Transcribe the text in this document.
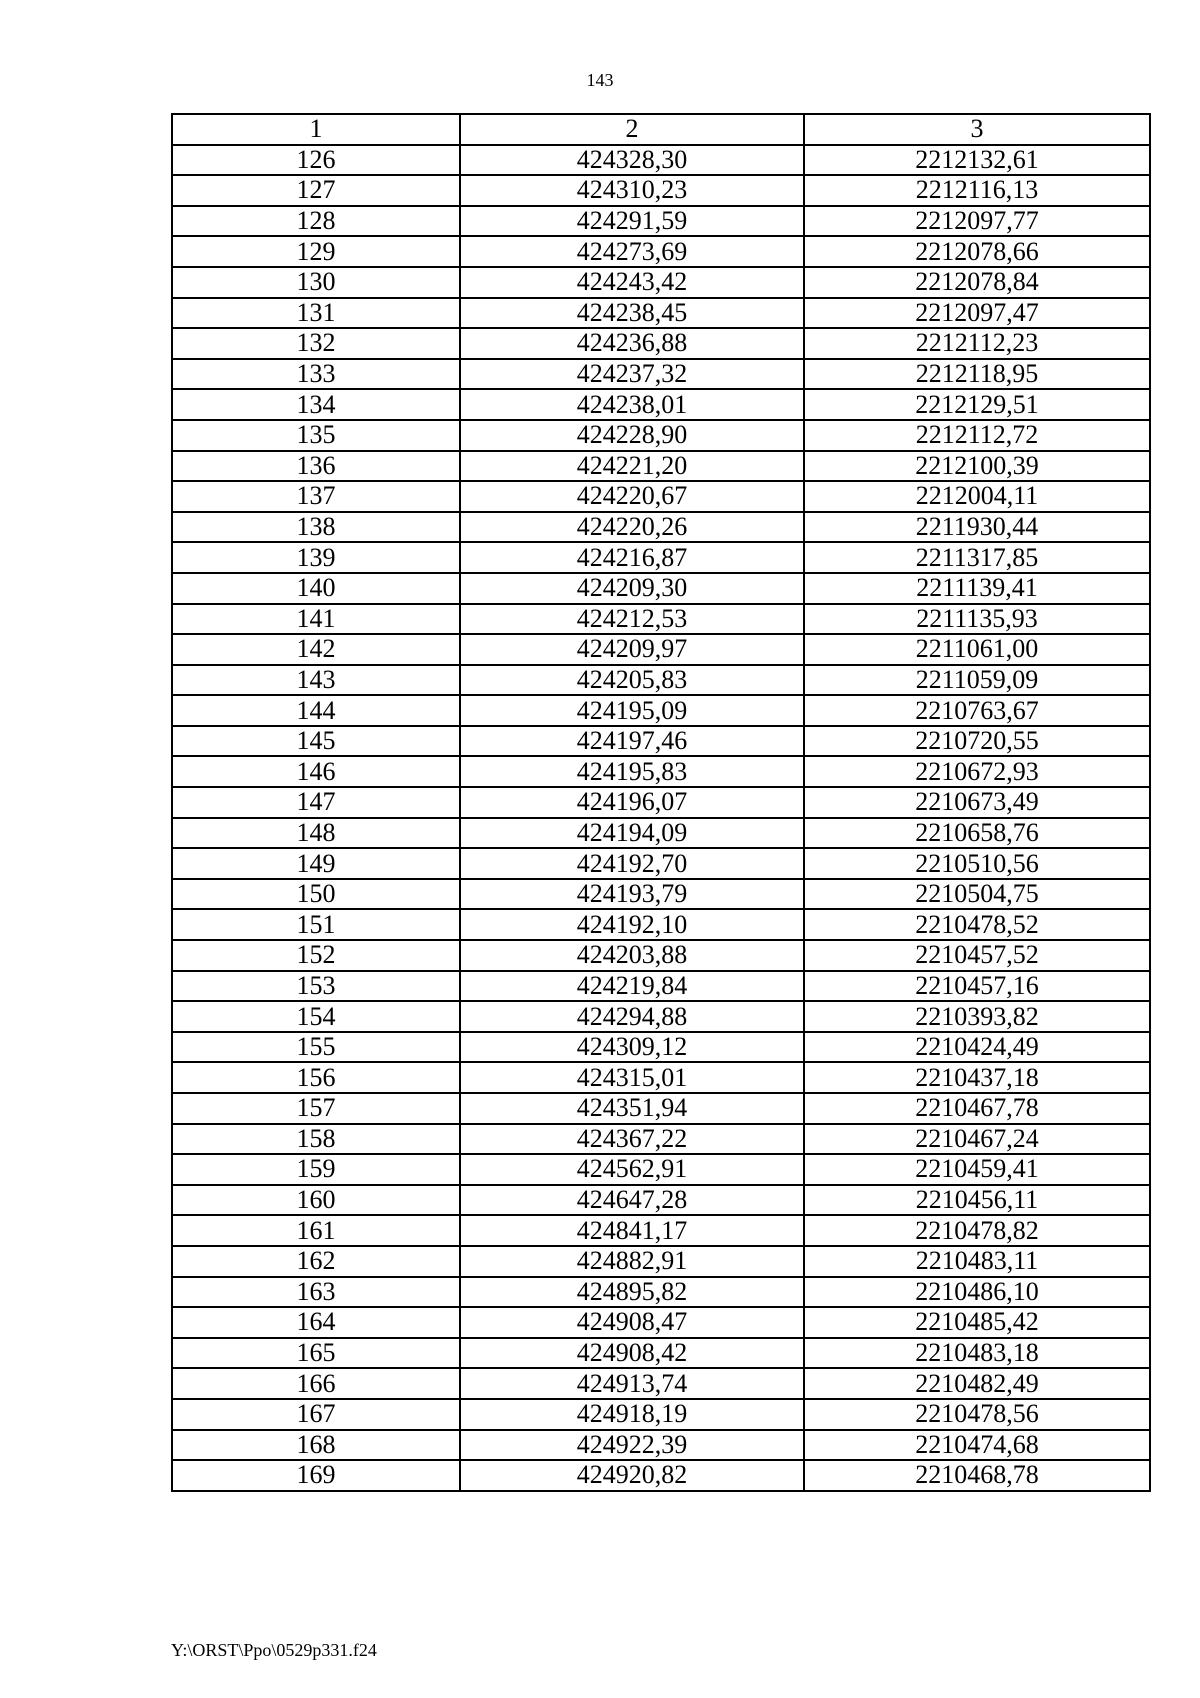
143
1	2	3
126	424328,30	2212132,61
127	424310,23	2212116,13
128	424291,59	2212097,77
129	424273,69	2212078,66
130	424243,42	2212078,84
131	424238,45	2212097,47
132	424236,88	2212112,23
133	424237,32	2212118,95
134	424238,01	2212129,51
135	424228,90	2212112,72
136	424221,20	2212100,39
137	424220,67	2212004,11
138	424220,26	2211930,44
139	424216,87	2211317,85
140	424209,30	2211139,41
141	424212,53	2211135,93
142	424209,97	2211061,00
143	424205,83	2211059,09
144	424195,09	2210763,67
145	424197,46	2210720,55
146	424195,83	2210672,93
147	424196,07	2210673,49
148	424194,09	2210658,76
149	424192,70	2210510,56
150	424193,79	2210504,75
151	424192,10	2210478,52
152	424203,88	2210457,52
153	424219,84	2210457,16
154	424294,88	2210393,82
155	424309,12	2210424,49
156	424315,01	2210437,18
157	424351,94	2210467,78
158	424367,22	2210467,24
159	424562,91	2210459,41
160	424647,28	2210456,11
161	424841,17	2210478,82
162	424882,91	2210483,11
163	424895,82	2210486,10
164	424908,47	2210485,42
165	424908,42	2210483,18
166	424913,74	2210482,49
167	424918,19	2210478,56
168	424922,39	2210474,68
169	424920,82	2210468,78
Y:\ORST\Ppo\0529p331.f24
